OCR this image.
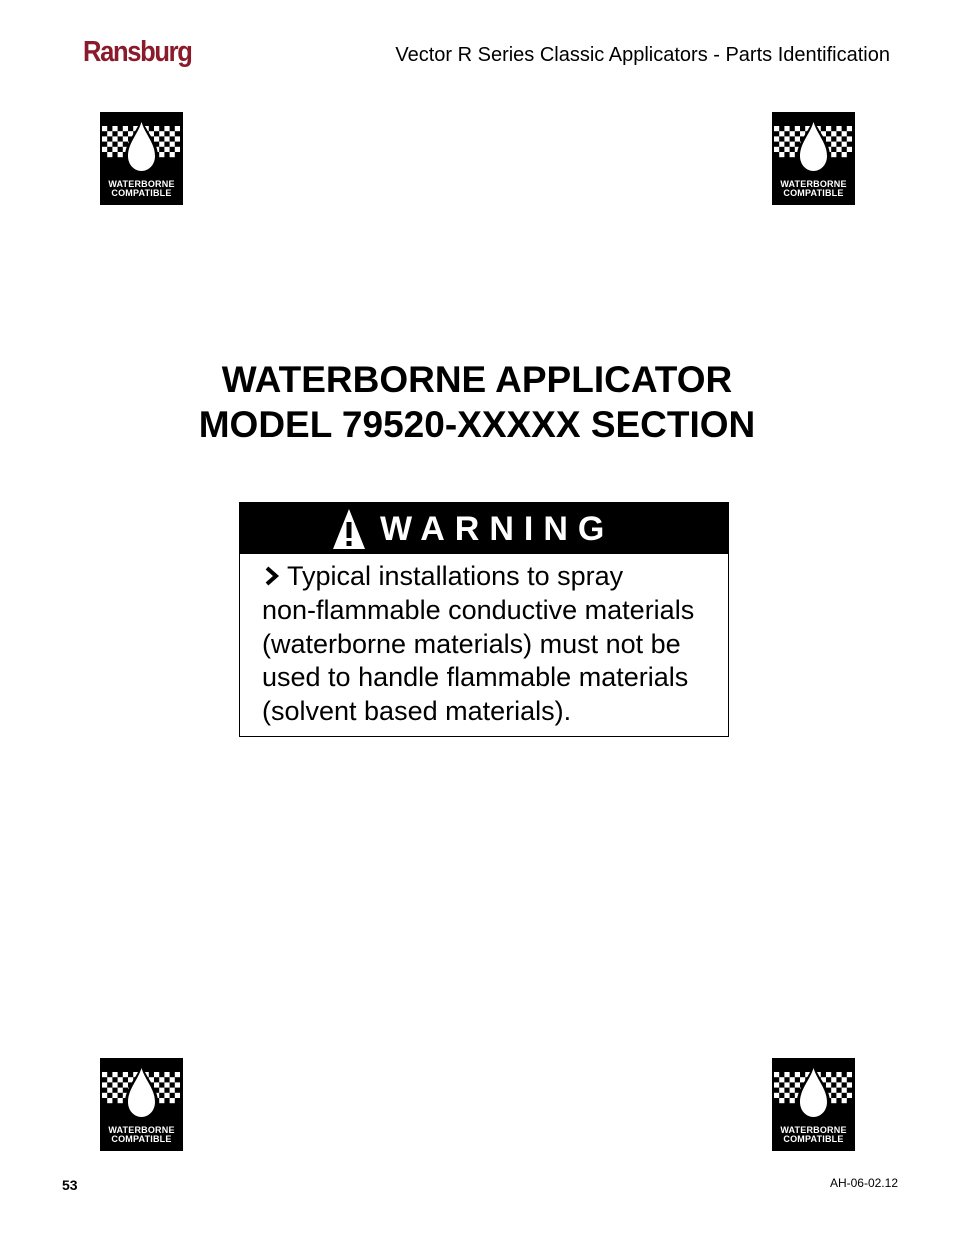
Ransburg	Vector R Series Classic Applicators - Parts Identification
WATERBORNE
COMPATIBLE
WATERBORNE
COMPATIBLE
WATERBORNE
COMPATIBLE
WATERBORNE
COMPATIBLE
WATERBORNE APPLICATOR
MODEL 79520-XXXXX SECTION
WARNING
Typical installations to spray
non-flammable conductive materials
(waterborne materials) must not be
used to handle flammable materials
(solvent based materials).
53	AH-06-02.12
